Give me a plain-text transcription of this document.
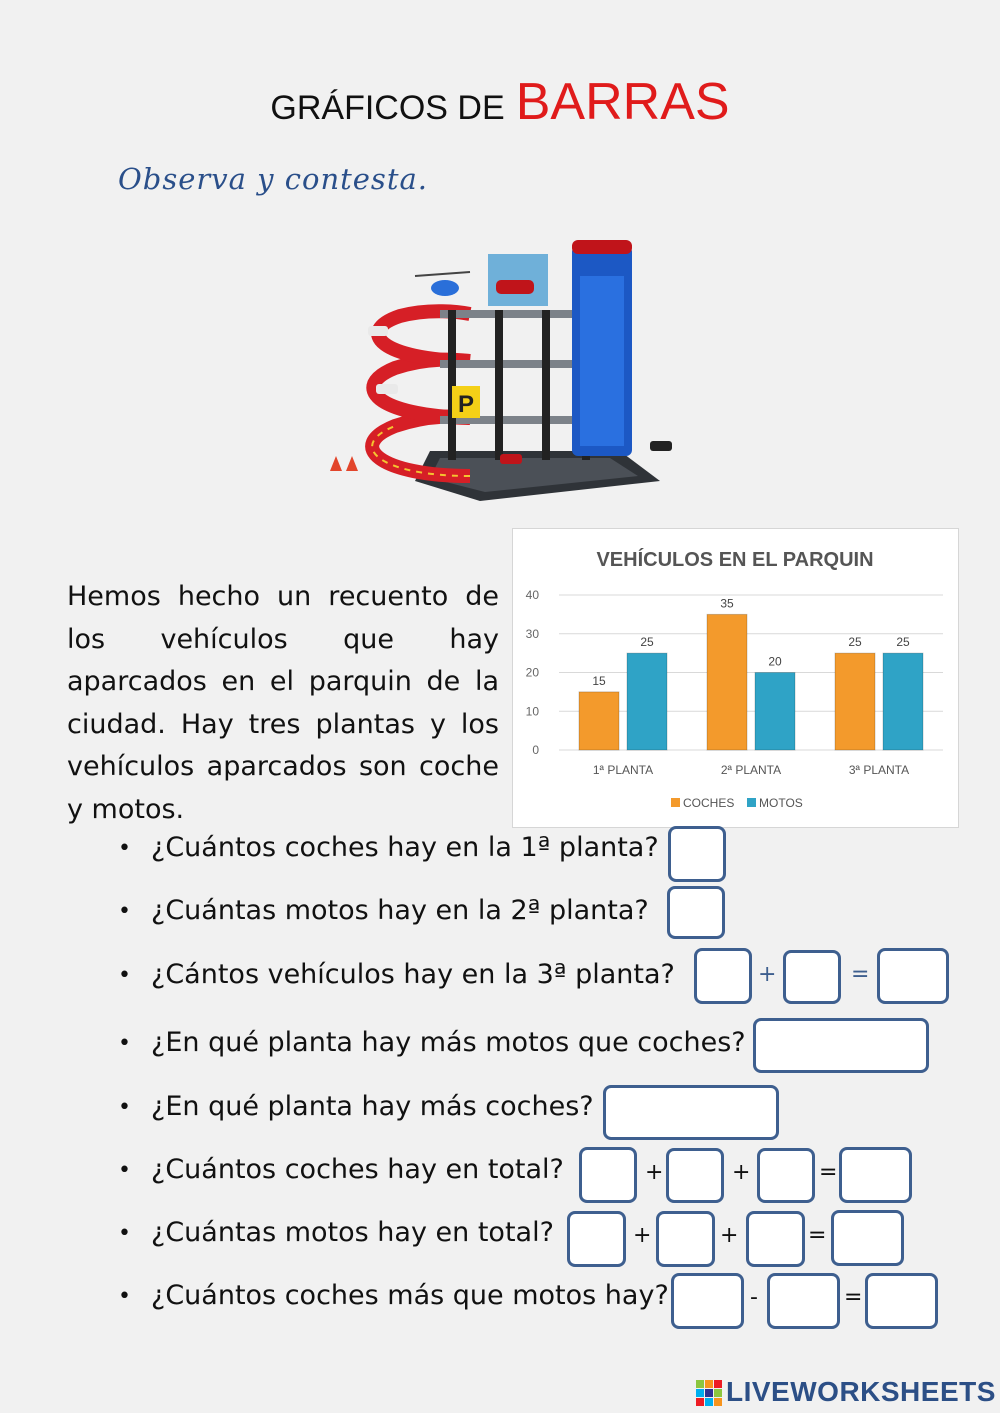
GRÁFICOS DE BARRAS
Observa y contesta.
P
Hemos hecho un recuento de los vehículos que hay aparcados en el parquin de la ciudad. Hay tres plantas y los vehículos aparcados son coche y motos.
VEHÍCULOS EN EL PARQUIN
0
10
20
30
40
15
25
1ª PLANTA
35
20
2ª PLANTA
25	25
3ª PLANTA
COCHES MOTOS
• ¿Cuántos coches hay en la 1ª planta?
• ¿Cuántas motos hay en la 2ª planta?
• ¿Cántos vehículos hay en la 3ª planta?	+	=
• ¿En qué planta hay más motos que coches?
• ¿En qué planta hay más coches?
• ¿Cuántos coches hay en total?	+	+	=
• ¿Cuántas motos hay en total?	+	+	=
• ¿Cuántos coches más que motos hay?	-	=
LIVEWORKSHEETS
